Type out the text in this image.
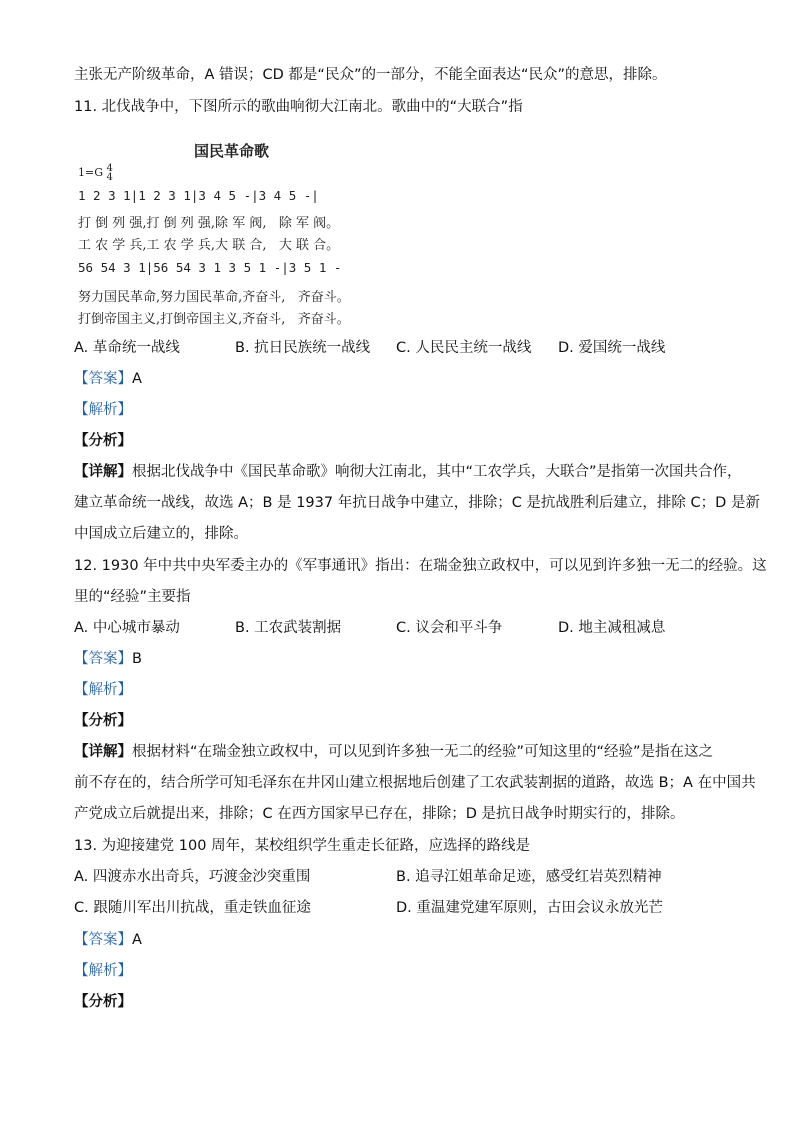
主张无产阶级革命，A 错误；CD 都是“民众”的一部分，不能全面表达“民众”的意思，排除。
11. 北伐战争中，下图所示的歌曲响彻大江南北。歌曲中的“大联合”指
国民革命歌
1=G 4
4
1 2 3 1|1 2 3 1|3 4 5 -|3 4 5 -|
打 倒 列 强,打 倒 列 强,除 军 阀,   除 军 阀。
工 农 学 兵,工 农 学 兵,大 联 合,   大 联 合。
56 54 3 1|56 54 3 1 3 5 1 -|3 5 1 -
努力国民革命,努力国民革命,齐奋斗,   齐奋斗。
打倒帝国主义,打倒帝国主义,齐奋斗,   齐奋斗。
A. 革命统一战线	B. 抗日民族统一战线 C. 人民民主统一战线 D. 爱国统一战线
【答案】A
【解析】
【分析】
【详解】根据北伐战争中《国民革命歌》响彻大江南北，其中“工农学兵，大联合”是指第一次国共合作，
建立革命统一战线，故选 A；B 是 1937 年抗日战争中建立，排除；C 是抗战胜利后建立，排除 C；D 是新
中国成立后建立的，排除。
12. 1930 年中共中央军委主办的《军事通讯》指出：在瑞金独立政权中，可以见到许多独一无二的经验。这
里的“经验”主要指
A. 中心城市暴动	B. 工农武装割据	C. 议会和平斗争	D. 地主减租减息
【答案】B
【解析】
【分析】
【详解】根据材料“在瑞金独立政权中，可以见到许多独一无二的经验”可知这里的“经验”是指在这之
前不存在的，结合所学可知毛泽东在井冈山建立根据地后创建了工农武装割据的道路，故选 B；A 在中国共
产党成立后就提出来，排除；C 在西方国家早已存在，排除；D 是抗日战争时期实行的，排除。
13. 为迎接建党 100 周年，某校组织学生重走长征路，应选择的路线是
A. 四渡赤水出奇兵，巧渡金沙突重围	B. 追寻江姐革命足迹，感受红岩英烈精神
C. 跟随川军出川抗战，重走铁血征途	D. 重温建党建军原则，古田会议永放光芒
【答案】A
【解析】
【分析】
